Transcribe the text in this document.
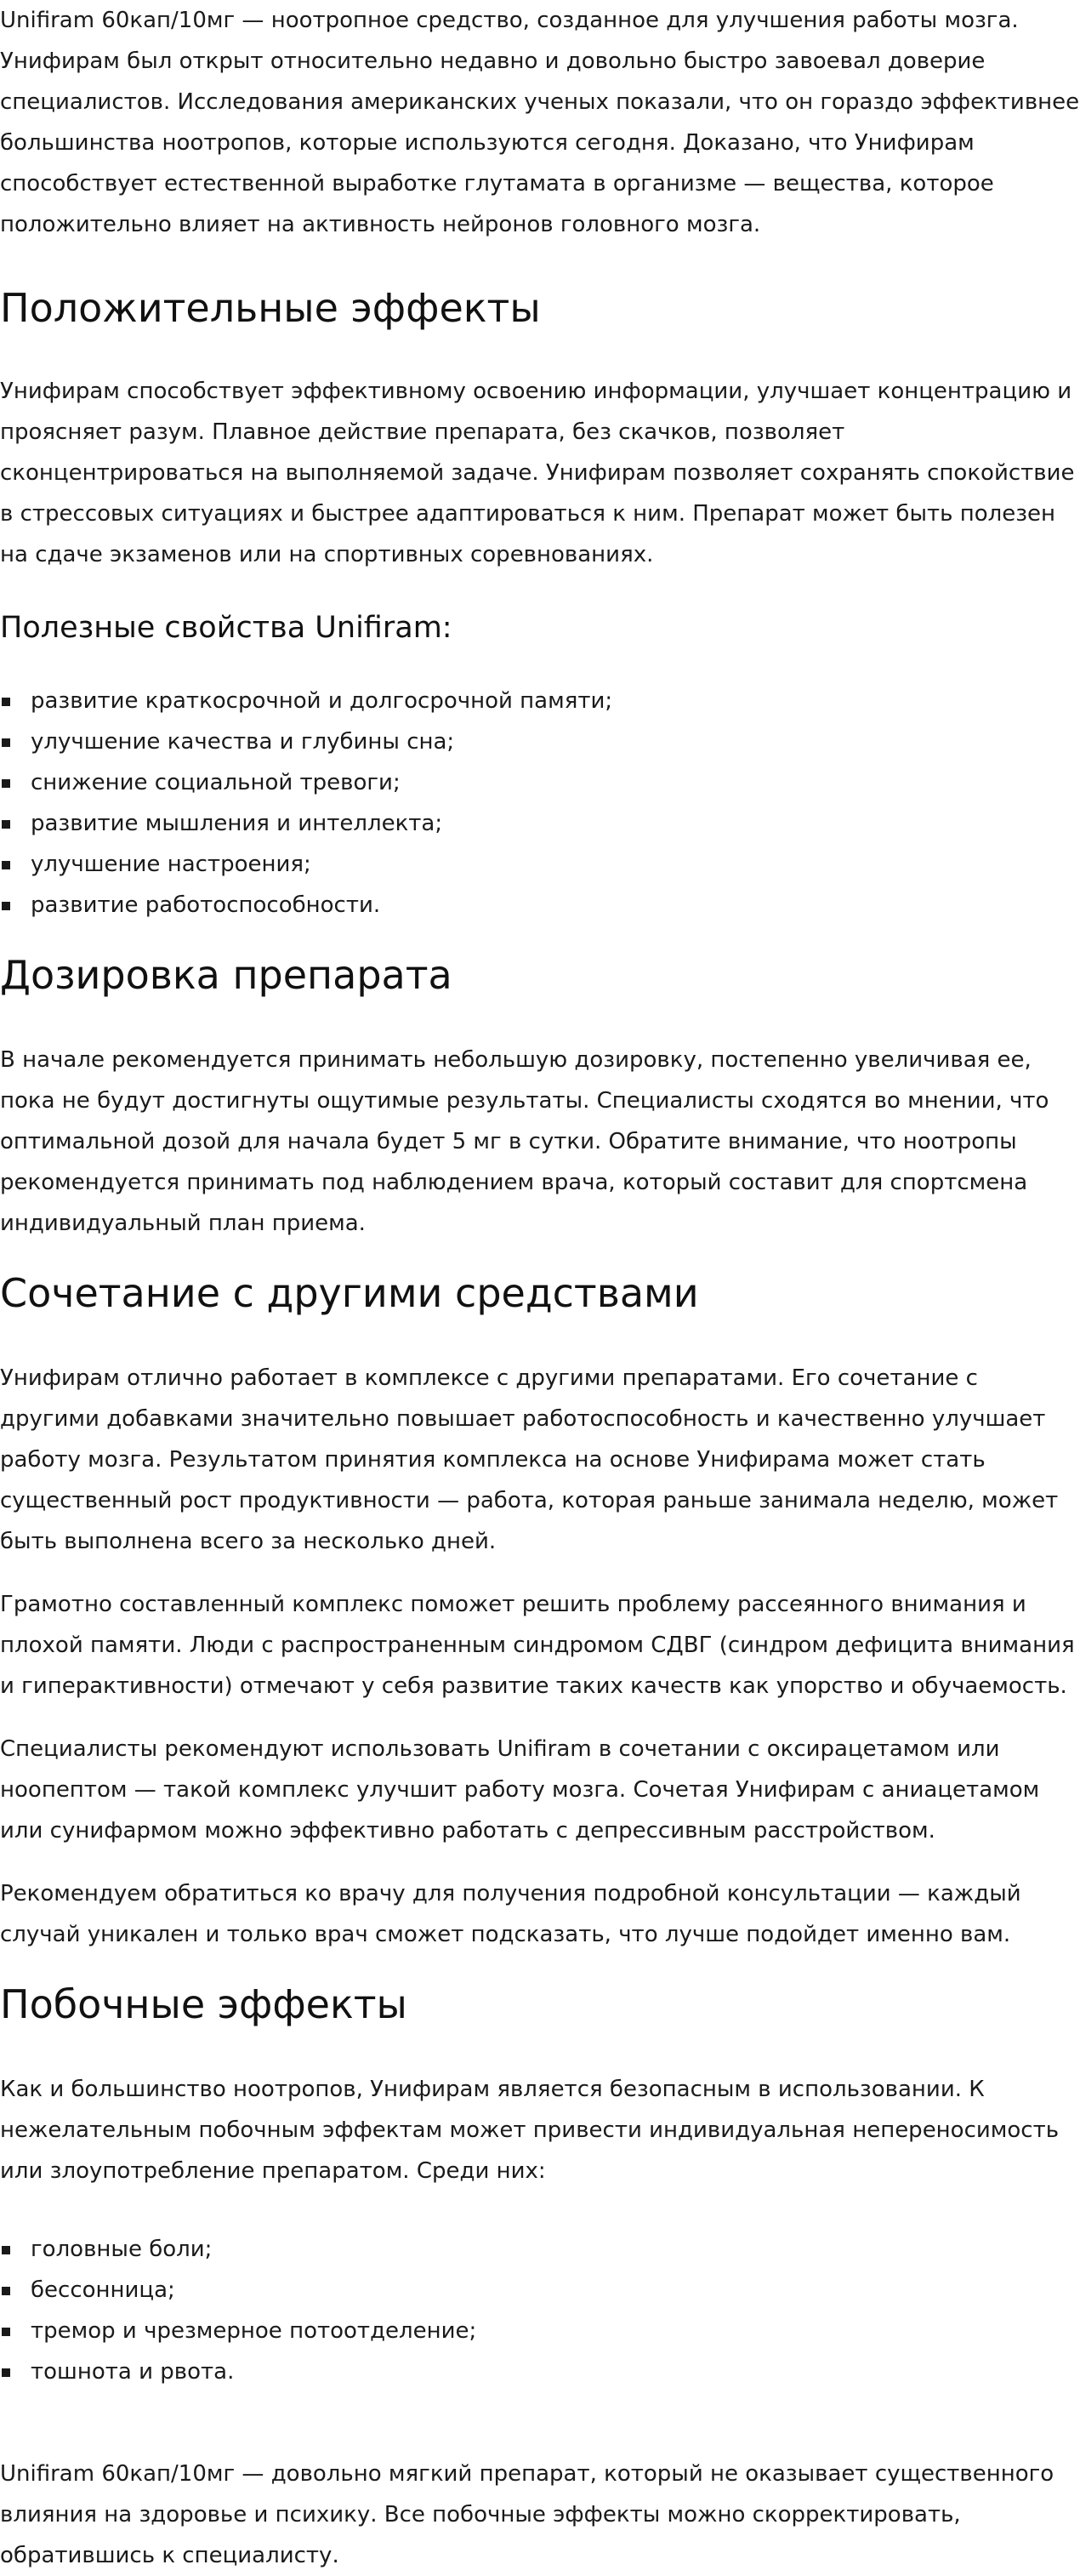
Unifiram 60кап/10мг — ноотропное средство, созданное для улучшения работы мозга.
Унифирам был открыт относительно недавно и довольно быстро завоевал доверие
специалистов. Исследования американских ученых показали, что он гораздо эффективнее
большинства ноотропов, которые используются сегодня. Доказано, что Унифирам
способствует естественной выработке глутамата в организме — вещества, которое
положительно влияет на активность нейронов головного мозга.

Положительные эффекты

Унифирам способствует эффективному освоению информации, улучшает концентрацию и
проясняет разум. Плавное действие препарата, без скачков, позволяет
сконцентрироваться на выполняемой задаче. Унифирам позволяет сохранять спокойствие
в стрессовых ситуациях и быстрее адаптироваться к ним. Препарат может быть полезен
на сдаче экзаменов или на спортивных соревнованиях.

Полезные свойства Unifiram:
развитие краткосрочной и долгосрочной памяти;
улучшение качества и глубины сна;
снижение социальной тревоги;
развитие мышления и интеллекта;
улучшение настроения;
развитие работоспособности.
Дозировка препарата

В начале рекомендуется принимать небольшую дозировку, постепенно увеличивая ее,
пока не будут достигнуты ощутимые результаты. Специалисты сходятся во мнении, что
оптимальной дозой для начала будет 5 мг в сутки. Обратите внимание, что ноотропы
рекомендуется принимать под наблюдением врача, который составит для спортсмена
индивидуальный план приема.

Сочетание с другими средствами

Унифирам отлично работает в комплексе с другими препаратами. Его сочетание с
другими добавками значительно повышает работоспособность и качественно улучшает
работу мозга. Результатом принятия комплекса на основе Унифирама может стать
существенный рост продуктивности — работа, которая раньше занимала неделю, может
быть выполнена всего за несколько дней.

Грамотно составленный комплекс поможет решить проблему рассеянного внимания и
плохой памяти. Люди с распространенным синдромом СДВГ (синдром дефицита внимания
и гиперактивности) отмечают у себя развитие таких качеств как упорство и обучаемость.

Специалисты рекомендуют использовать Unifiram в сочетании с оксирацетамом или
ноопептом — такой комплекс улучшит работу мозга. Сочетая Унифирам с аниацетамом
или сунифармом можно эффективно работать с депрессивным расстройством.

Рекомендуем обратиться ко врачу для получения подробной консультации — каждый
случай уникален и только врач сможет подсказать, что лучше подойдет именно вам.

Побочные эффекты

Как и большинство ноотропов, Унифирам является безопасным в использовании. К
нежелательным побочным эффектам может привести индивидуальная непереносимость
или злоупотребление препаратом. Среди них:

головные боли;
бессонница;
тремор и чрезмерное потоотделение;
тошнота и рвота.

Unifiram 60кап/10мг — довольно мягкий препарат, который не оказывает существенного
влияния на здоровье и психику. Все побочные эффекты можно скорректировать,
обратившись к специалисту.
